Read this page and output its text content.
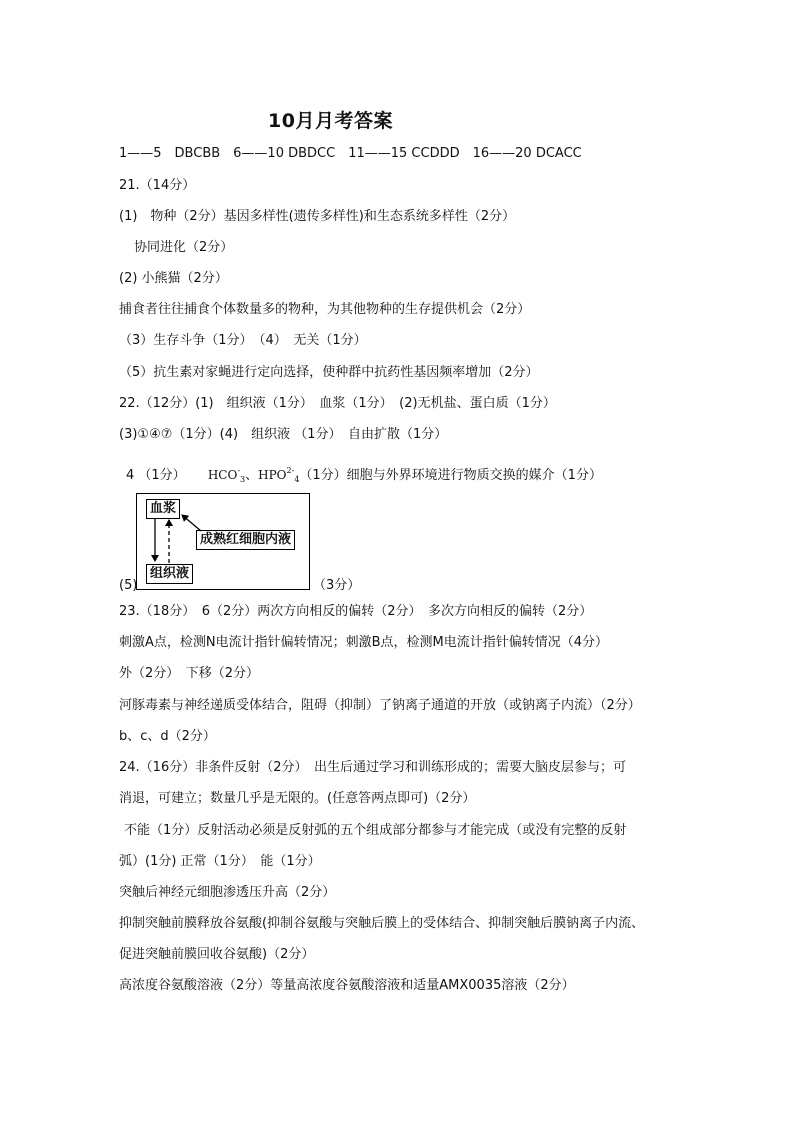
10月月考答案
1——5　DBCBB　6——10 DBDCC　11——15 CCDDD　16——20 DCACC
21.（14分）
(1)　物种（2分）基因多样性(遗传多样性)和生态系统多样性（2分）
协同进化（2分）
(2) 小熊猫（2分）
捕食者往往捕食个体数量多的物种，为其他物种的生存提供机会（2分）
（3）生存斗争（1分）　（4）　无关（1分）
（5）抗生素对家蝇进行定向选择，使种群中抗药性基因频率增加（2分）
22.（12分）(1)　组织液（1分）　血浆（1分）　(2)无机盐、蛋白质（1分）
(3)①④⑦（1分）(4)　组织液 （1分）　自由扩散（1分）
4 （1分） $HCO^-_3$、$HPO^{2-}_4(1$分）细胞与外界环境进行物质交换的媒介（1分）
(5)	（3分）
血浆
组织液
成熟红细胞内液
23.（18分）　6（2分）两次方向相反的偏转（2分）　多次方向相反的偏转（2分）
刺激A点，检测N电流计指针偏转情况；刺激B点，检测M电流计指针偏转情况（4分）
外（2分）　下移（2分）
河豚毒素与神经递质受体结合，阻碍（抑制）了钠离子通道的开放（或钠离子内流）（2分）
b、c、d（2分）
24.（16分）非条件反射（2分）　出生后通过学习和训练形成的；需要大脑皮层参与；可
消退，可建立；数量几乎是无限的。(任意答两点即可)（2分）
不能（1分）反射活动必须是反射弧的五个组成部分都参与才能完成（或没有完整的反射
弧）(1分) 正常（1分）　能（1分）
突触后神经元细胞渗透压升高（2分）
抑制突触前膜释放谷氨酸(抑制谷氨酸与突触后膜上的受体结合、抑制突触后膜钠离子内流、
促进突触前膜回收谷氨酸)（2分）
高浓度谷氨酸溶液（2分）等量高浓度谷氨酸溶液和适量AMX0035溶液（2分）
